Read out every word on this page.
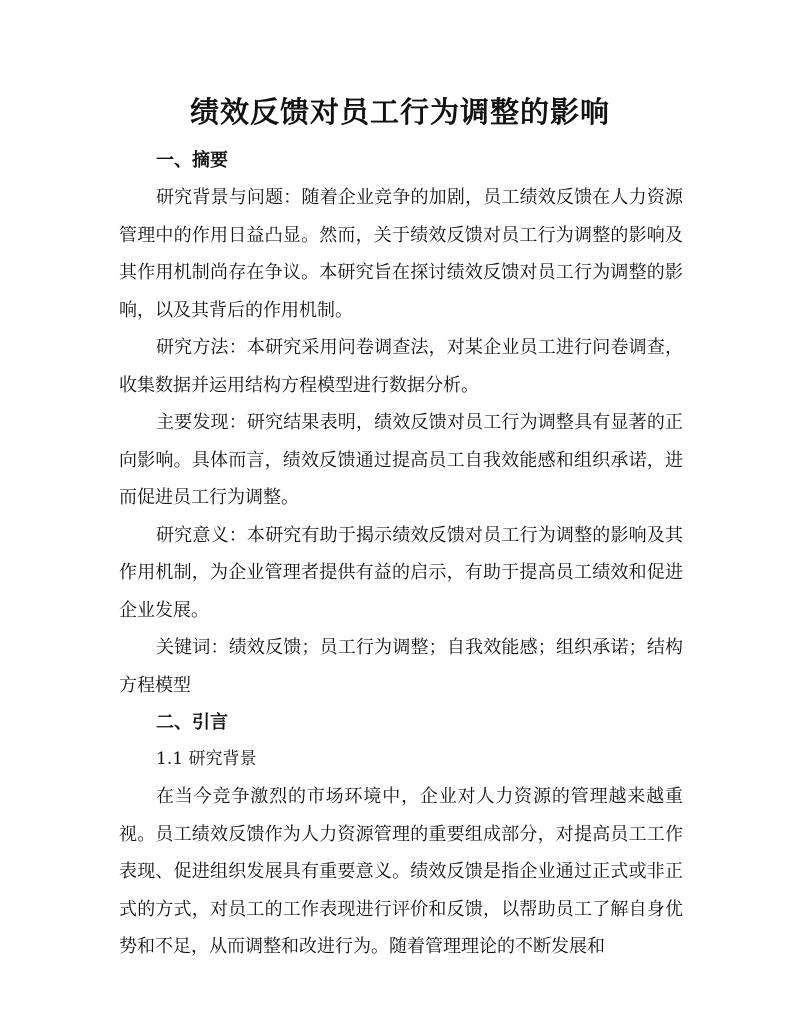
绩效反馈对员工行为调整的影响

一、摘要

研究背景与问题：随着企业竞争的加剧，员工绩效反馈在人力资源管理中的作用日益凸显。然而，关于绩效反馈对员工行为调整的影响及其作用机制尚存在争议。本研究旨在探讨绩效反馈对员工行为调整的影响，以及其背后的作用机制。

研究方法：本研究采用问卷调查法，对某企业员工进行问卷调查，收集数据并运用结构方程模型进行数据分析。

主要发现：研究结果表明，绩效反馈对员工行为调整具有显著的正向影响。具体而言，绩效反馈通过提高员工自我效能感和组织承诺，进而促进员工行为调整。

研究意义：本研究有助于揭示绩效反馈对员工行为调整的影响及其作用机制，为企业管理者提供有益的启示，有助于提高员工绩效和促进企业发展。

关键词：绩效反馈；员工行为调整；自我效能感；组织承诺；结构方程模型

二、引言

1.1 研究背景

在当今竞争激烈的市场环境中，企业对人力资源的管理越来越重视。员工绩效反馈作为人力资源管理的重要组成部分，对提高员工工作表现、促进组织发展具有重要意义。绩效反馈是指企业通过正式或非正式的方式，对员工的工作表现进行评价和反馈，以帮助员工了解自身优势和不足，从而调整和改进行为。随着管理理论的不断发展和
